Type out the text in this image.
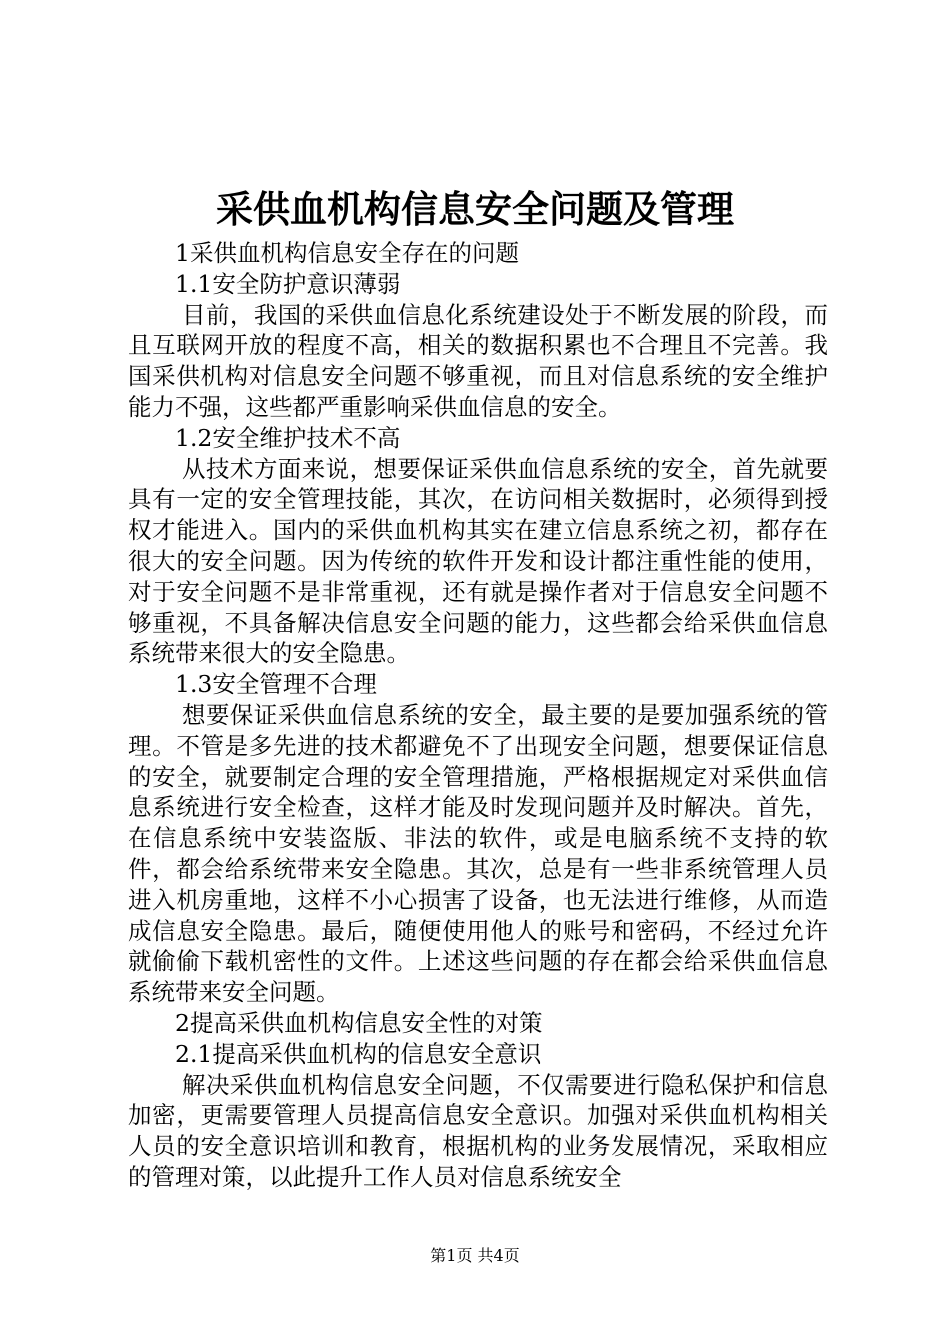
采供血机构信息安全问题及管理

1采供血机构信息安全存在的问题

1.1安全防护意识薄弱

目前，我国的采供血信息化系统建设处于不断发展的阶段，而且互联网开放的程度不高，相关的数据积累也不合理且不完善。我国采供机构对信息安全问题不够重视，而且对信息系统的安全维护能力不强，这些都严重影响采供血信息的安全。

1.2安全维护技术不高

从技术方面来说，想要保证采供血信息系统的安全，首先就要具有一定的安全管理技能，其次，在访问相关数据时，必须得到授权才能进入。国内的采供血机构其实在建立信息系统之初，都存在很大的安全问题。因为传统的软件开发和设计都注重性能的使用，对于安全问题不是非常重视，还有就是操作者对于信息安全问题不够重视，不具备解决信息安全问题的能力，这些都会给采供血信息系统带来很大的安全隐患。

1.3安全管理不合理

想要保证采供血信息系统的安全，最主要的是要加强系统的管理。不管是多先进的技术都避免不了出现安全问题，想要保证信息的安全，就要制定合理的安全管理措施，严格根据规定对采供血信息系统进行安全检查，这样才能及时发现问题并及时解决。首先，在信息系统中安装盗版、非法的软件，或是电脑系统不支持的软件，都会给系统带来安全隐患。其次，总是有一些非系统管理人员进入机房重地，这样不小心损害了设备，也无法进行维修，从而造成信息安全隐患。最后，随便使用他人的账号和密码，不经过允许就偷偷下载机密性的文件。上述这些问题的存在都会给采供血信息系统带来安全问题。

2提高采供血机构信息安全性的对策

2.1提高采供血机构的信息安全意识

解决采供血机构信息安全问题，不仅需要进行隐私保护和信息加密，更需要管理人员提高信息安全意识。加强对采供血机构相关人员的安全意识培训和教育，根据机构的业务发展情况，采取相应的管理对策，以此提升工作人员对信息系统安全

第1页 共4页
